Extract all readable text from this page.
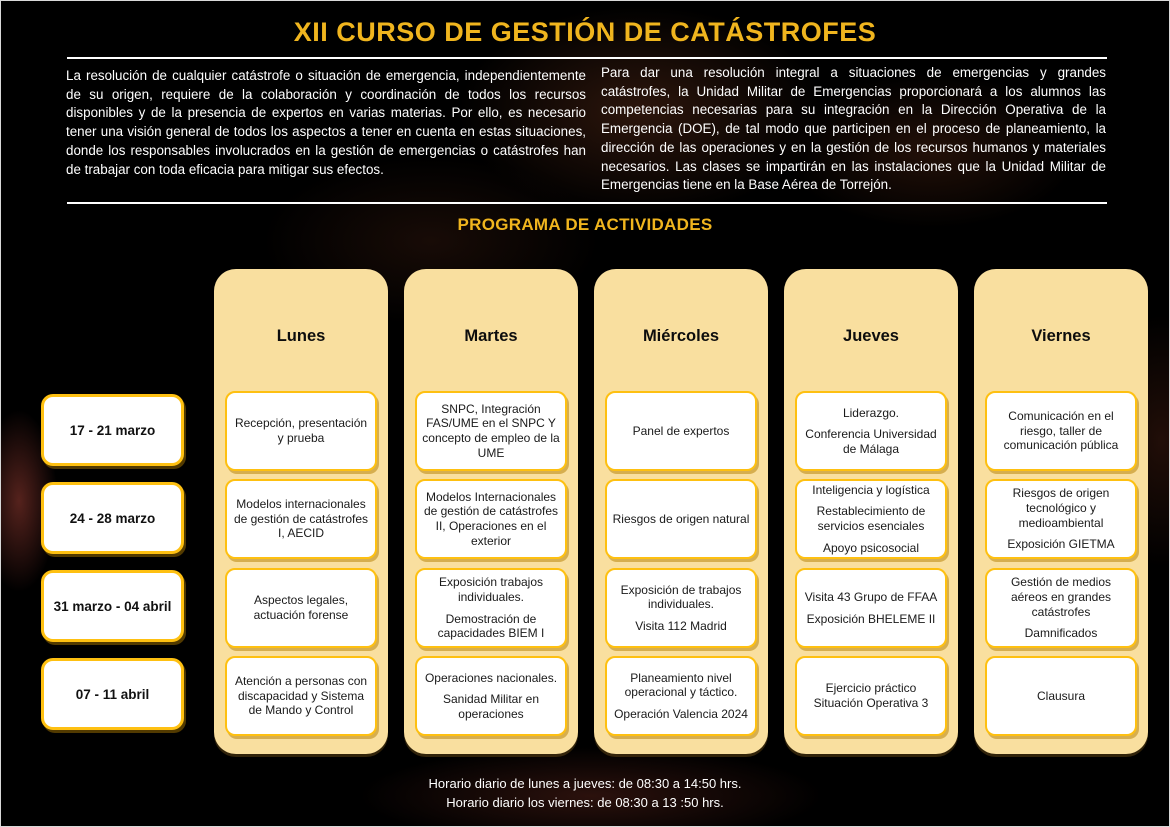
XII CURSO DE GESTIÓN DE CATÁSTROFES

La resolución de cualquier catástrofe o situación de emergencia, independientemente de su origen, requiere de la colaboración y coordinación de todos los recursos disponibles y de la presencia de expertos en varias materias. Por ello, es necesario tener una visión general de todos los aspectos a tener en cuenta en estas situaciones, donde los responsables involucrados en la gestión de emergencias o catástrofes han de trabajar con toda eficacia para mitigar sus efectos.

Para dar una resolución integral a situaciones de emergencias y grandes catástrofes, la Unidad Militar de Emergencias proporcionará a los alumnos las competencias necesarias para su integración en la Dirección Operativa de la Emergencia (DOE), de tal modo que participen en el proceso de planeamiento, la dirección de las operaciones y en la gestión de los recursos humanos y materiales necesarios. Las clases se impartirán en las instalaciones que la Unidad Militar de Emergencias tiene en la Base Aérea de Torrejón.

PROGRAMA DE ACTIVIDADES
17 - 21 marzo
24 - 28 marzo
31 marzo - 04 abril
07 - 11 abril
Lunes
Recepción, presentación y prueba
Modelos internacionales de gestión de catástrofes I, AECID
Aspectos legales, actuación forense
Atención a personas con discapacidad y Sistema de Mando y Control
Martes
SNPC, Integración FAS/UME en el SNPC Y concepto de empleo de la UME
Modelos Internacionales de gestión de catástrofes II, Operaciones en el exterior
Exposición trabajos individuales.
Demostración de capacidades BIEM I
Operaciones nacionales.
Sanidad Militar en operaciones
Miércoles
Panel de expertos
Riesgos de origen natural
Exposición de trabajos individuales.
Visita 112 Madrid
Planeamiento nivel operacional y táctico.
Operación Valencia 2024
Jueves
Liderazgo.
Conferencia Universidad de Málaga
Inteligencia y logística
Restablecimiento de servicios esenciales
Apoyo psicosocial
Visita 43 Grupo de FFAA
Exposición BHELEME II
Ejercicio práctico Situación Operativa 3
Viernes
Comunicación en el riesgo, taller de comunicación pública
Riesgos de origen tecnológico y medioambiental
Exposición GIETMA
Gestión de medios aéreos en grandes catástrofes
Damnificados
Clausura
Horario diario de lunes a jueves: de 08:30 a 14:50 hrs.
Horario diario los viernes: de 08:30 a 13 :50 hrs.
